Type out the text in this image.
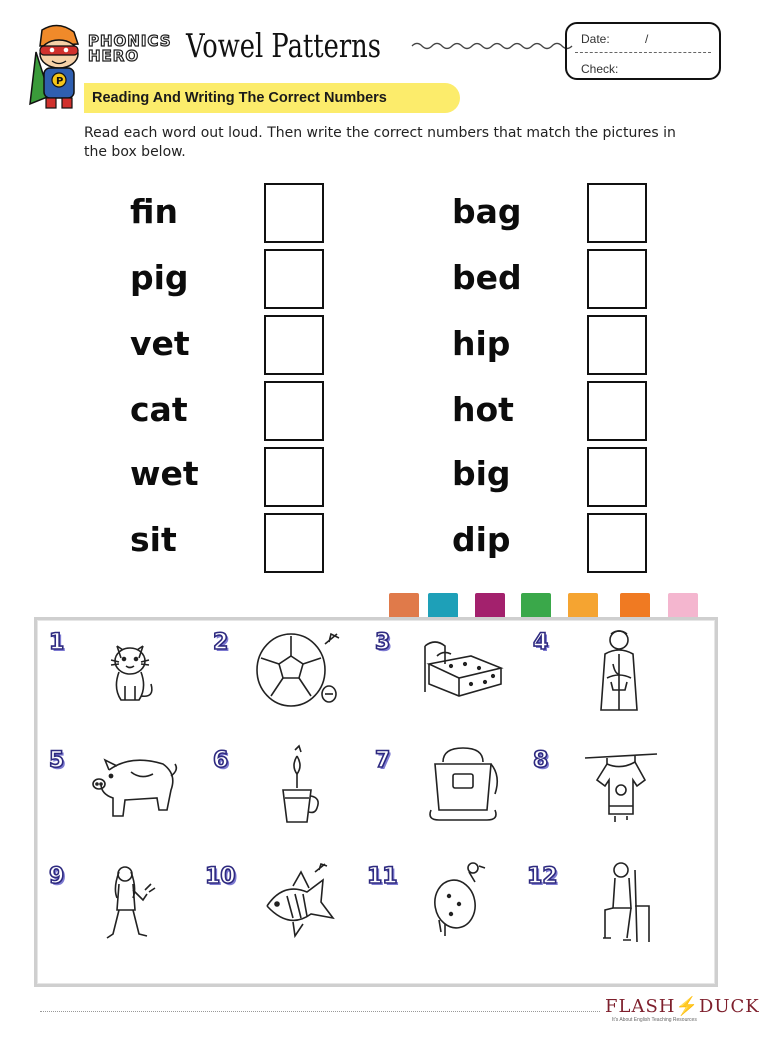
P
PHONICS
HERO	Vowel Patterns	Date:	/
Check:
Reading And Writing The Correct Numbers
Read each word out loud. Then write the correct numbers that match the pictures in the box below.
fin
pig
vet
cat
wet
sit
bag
bed
hip
hot
big
dip
1	2	3	4
5	6	7	8
9	10	11	12
FLASH⚡DUCK
It's About English Teaching Resources
